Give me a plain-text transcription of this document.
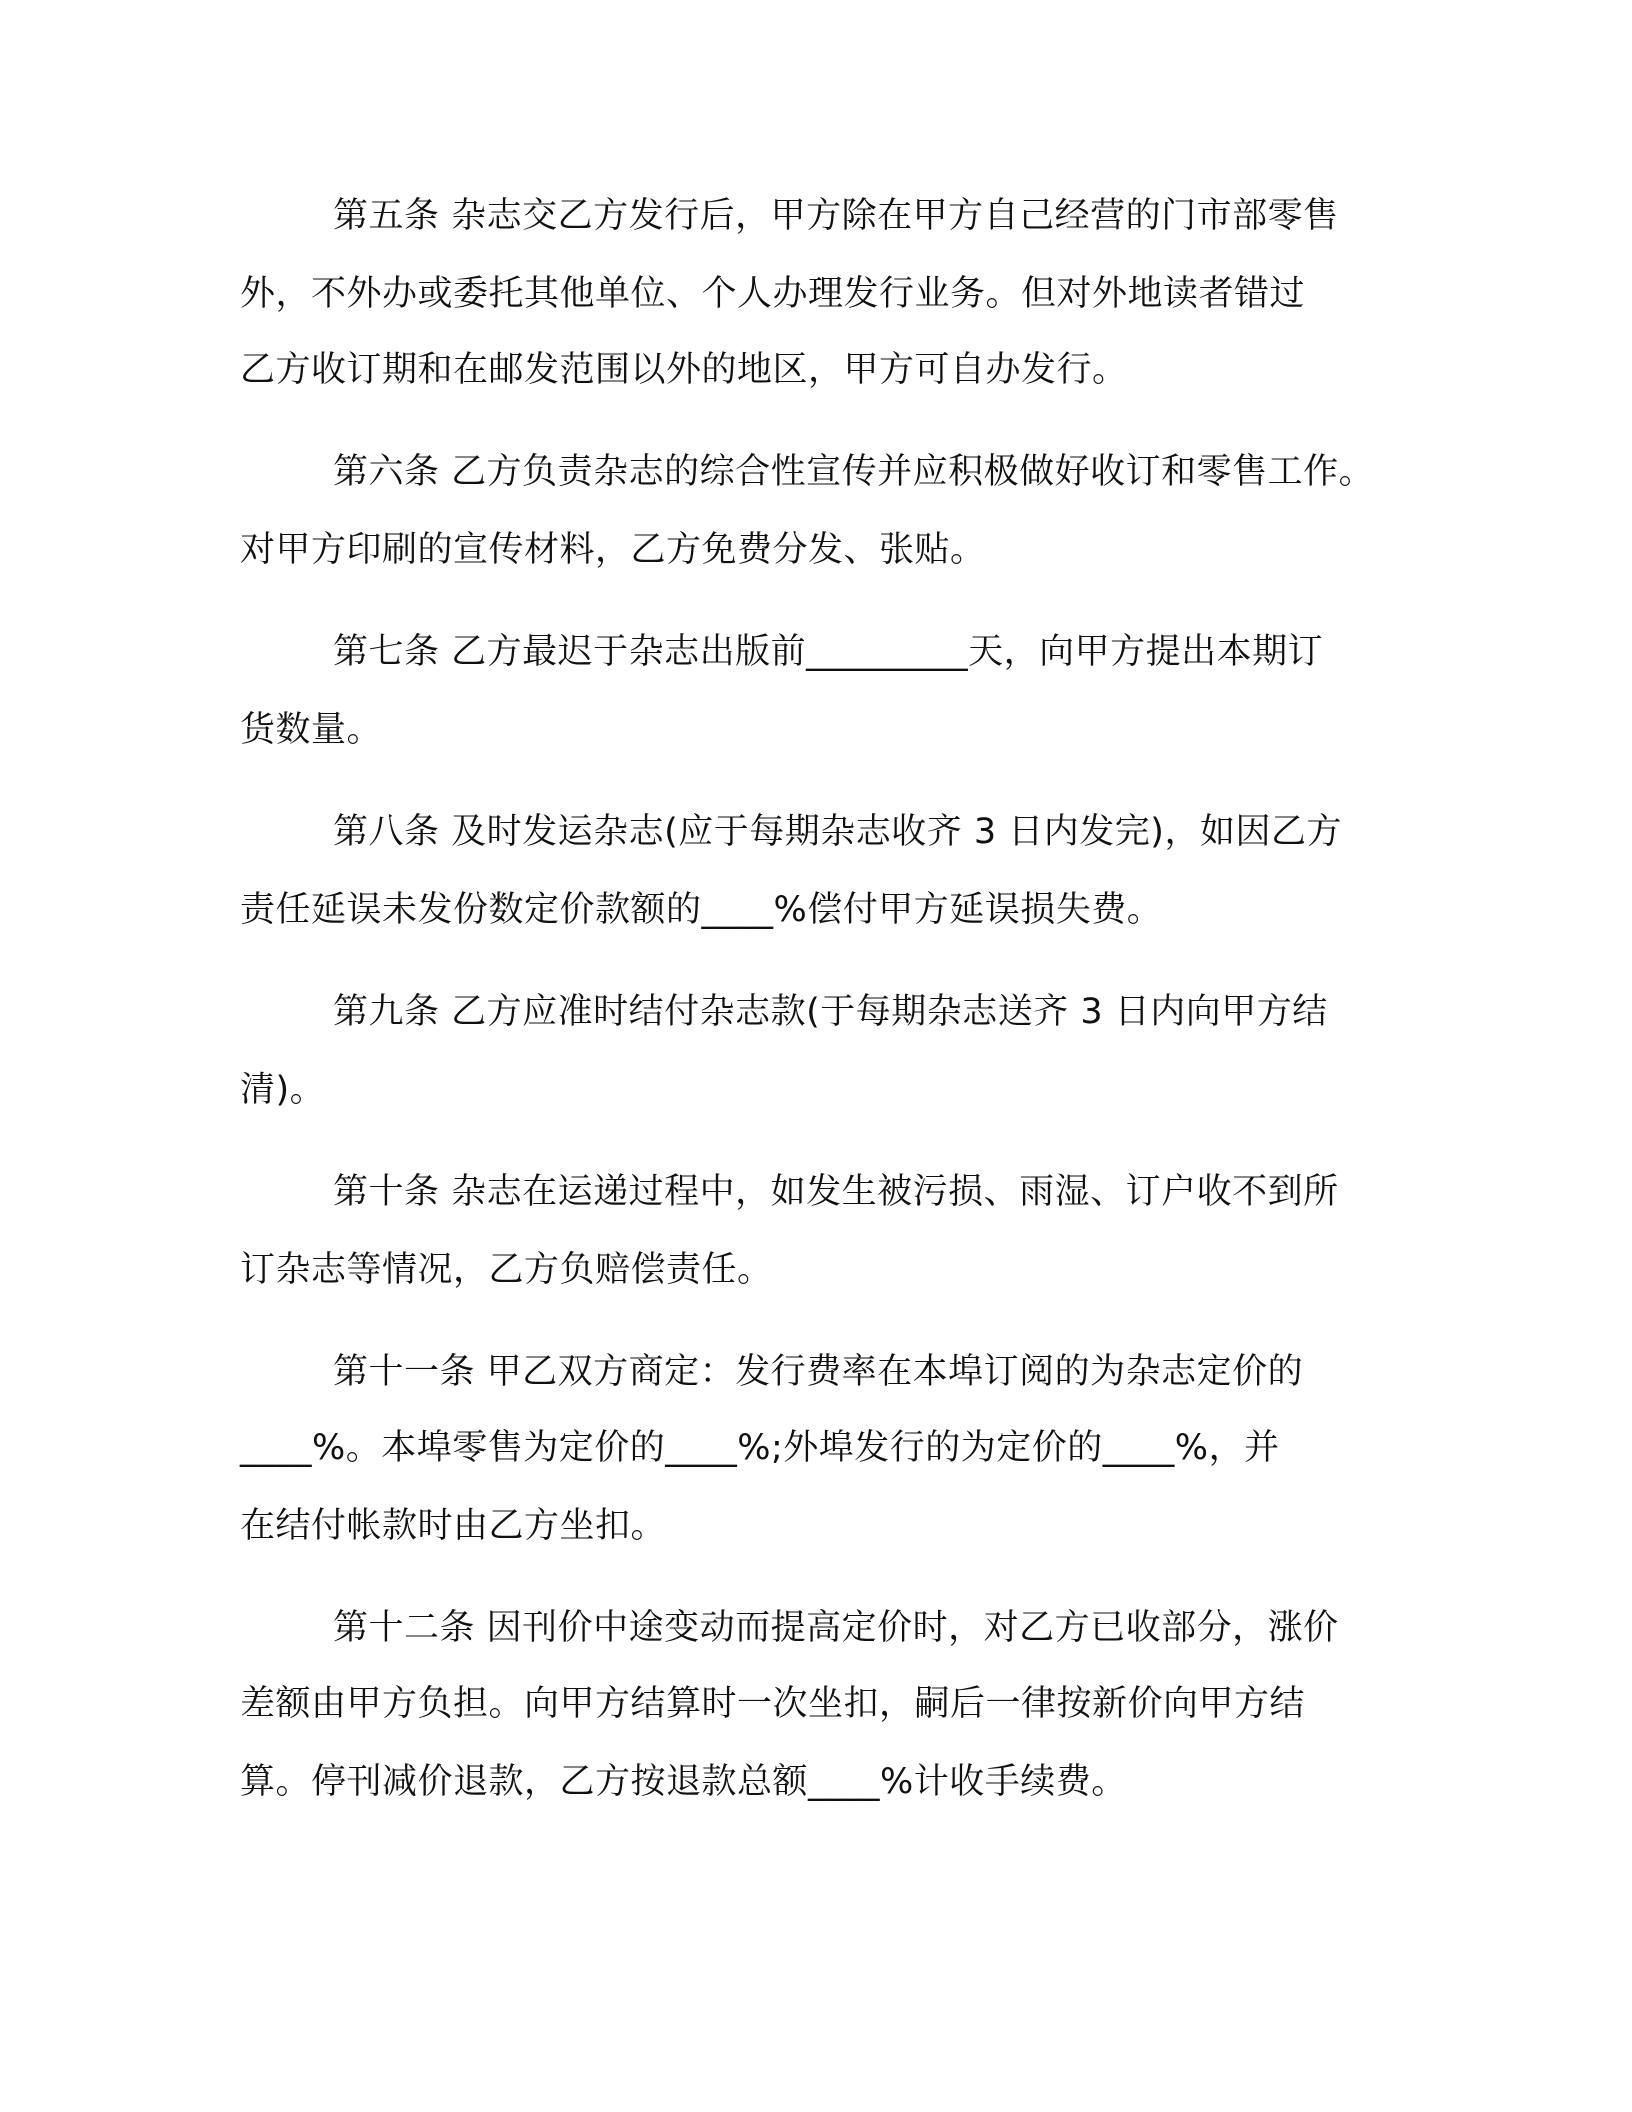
第五条 杂志交乙方发行后，甲方除在甲方自己经营的门市部零售
外，不外办或委托其他单位、个人办理发行业务。但对外地读者错过
乙方收订期和在邮发范围以外的地区，甲方可自办发行。
第六条 乙方负责杂志的综合性宣传并应积极做好收订和零售工作。
对甲方印刷的宣传材料，乙方免费分发、张贴。
第七条 乙方最迟于杂志出版前_________天，向甲方提出本期订
货数量。
第八条 及时发运杂志(应于每期杂志收齐 3 日内发完)，如因乙方
责任延误未发份数定价款额的____%偿付甲方延误损失费。
第九条 乙方应准时结付杂志款(于每期杂志送齐 3 日内向甲方结
清)。
第十条 杂志在运递过程中，如发生被污损、雨湿、订户收不到所
订杂志等情况，乙方负赔偿责任。
第十一条 甲乙双方商定：发行费率在本埠订阅的为杂志定价的
____%。本埠零售为定价的____%;外埠发行的为定价的____%，并
在结付帐款时由乙方坐扣。
第十二条 因刊价中途变动而提高定价时，对乙方已收部分，涨价
差额由甲方负担。向甲方结算时一次坐扣，嗣后一律按新价向甲方结
算。停刊减价退款，乙方按退款总额____%计收手续费。
